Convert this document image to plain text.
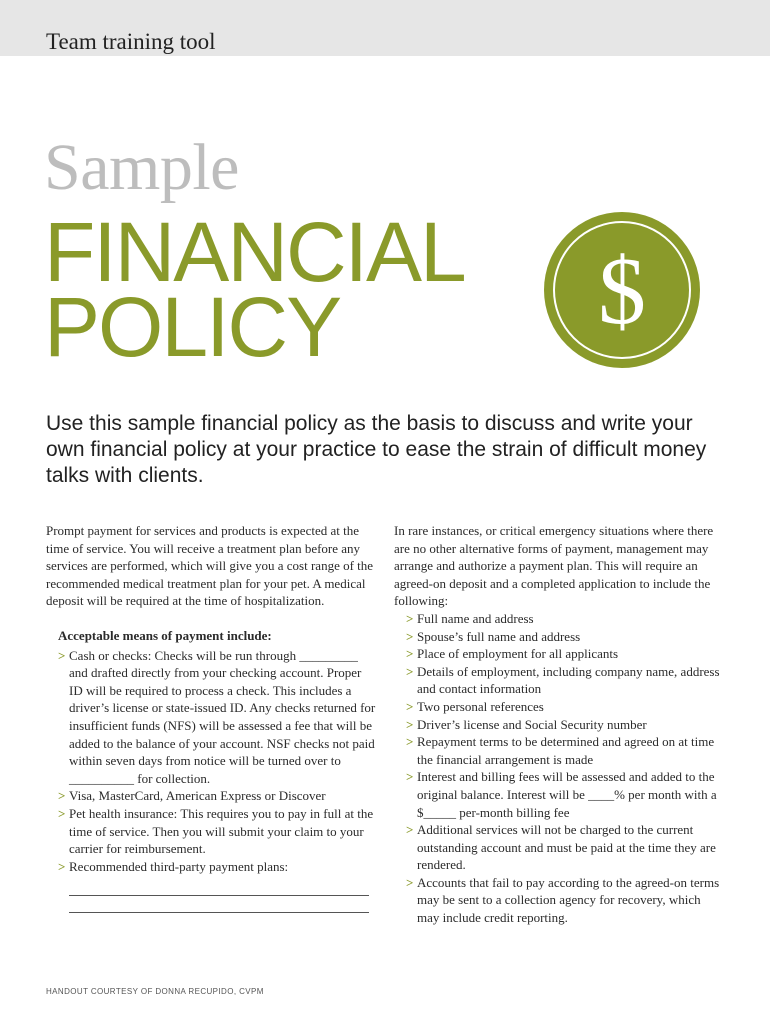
Team training tool
Sample
FINANCIAL
POLICY	$
Use this sample financial policy as the basis to discuss and write your own financial policy at your practice to ease the strain of difficult money talks with clients.

Prompt payment for services and products is expected at the time of service. You will receive a treatment plan before any services are performed, which will give you a cost range of the recommended medical treatment plan for your pet. A medical deposit will be required at the time of hospitalization.

Acceptable means of payment include:
> Cash or checks: Checks will be run through _________ and drafted directly from your checking account. Proper ID will be required to process a check. This includes a driver’s license or state-issued ID. Any checks returned for insufficient funds (NFS) will be assessed a fee that will be added to the balance of your account. NSF checks not paid within seven days from notice will be turned over to __________ for collection.
> Visa, MasterCard, American Express or Discover
> Pet health insurance: This requires you to pay in full at the time of service. Then you will submit your claim to your carrier for reimbursement.
> Recommended third-party payment plans:

In rare instances, or critical emergency situations where there are no other alternative forms of payment, management may arrange and authorize a payment plan. This will require an agreed-on deposit and a completed application to include the following:

> Full name and address
> Spouse’s full name and address
> Place of employment for all applicants
> Details of employment, including company name, address and contact information
> Two personal references
> Driver’s license and Social Security number
> Repayment terms to be determined and agreed on at time the financial arrangement is made
> Interest and billing fees will be assessed and added to the original balance. Interest will be ____% per month with a $_____ per-month billing fee
> Additional services will not be charged to the current outstanding account and must be paid at the time they are rendered.
> Accounts that fail to pay according to the agreed-on terms may be sent to a collection agency for recovery, which may include credit reporting.
HANDOUT COURTESY OF DONNA RECUPIDO, CVPM
